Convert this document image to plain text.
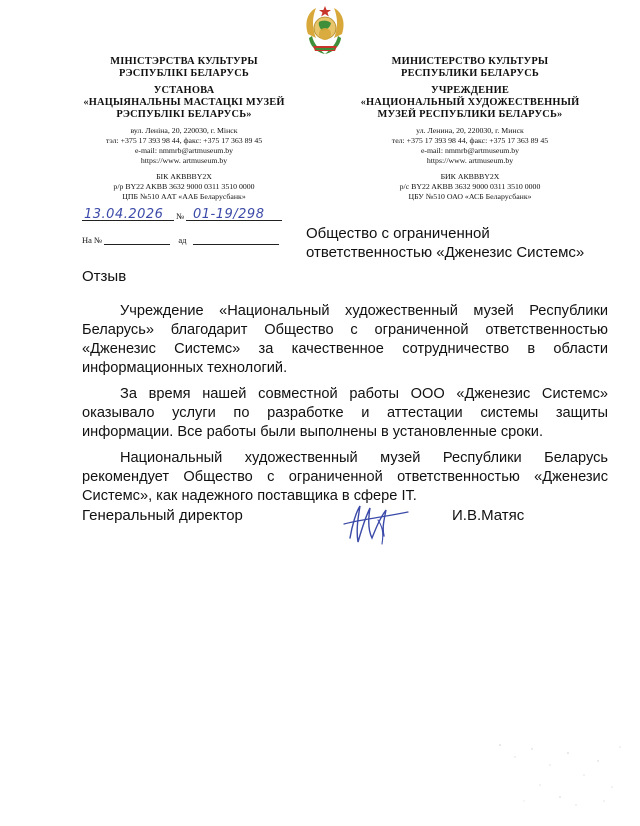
МІНІСТЭРСТВА КУЛЬТУРЫ
РЭСПУБЛІКІ БЕЛАРУСЬ
УСТАНОВА
«НАЦЫЯНАЛЬНЫ МАСТАЦКІ МУЗЕЙ
РЭСПУБЛІКІ БЕЛАРУСЬ»
вул. Леніна, 20, 220030, г. Мінск
тэл: +375 17 393 98 44, факс: +375 17 363 89 45
e-mail: nmmrb@artmuseum.by
https://www. artmuseum.by
БІК АКВВВY2X
р/р BY22 AKBB 3632 9000 0311 3510 0000
ЦПБ №510 ААТ «ААБ Беларусбанк»
МИНИСТЕРСТВО КУЛЬТУРЫ
РЕСПУБЛИКИ БЕЛАРУСЬ
УЧРЕЖДЕНИЕ
«НАЦИОНАЛЬНЫЙ ХУДОЖЕСТВЕННЫЙ
МУЗЕЙ РЕСПУБЛИКИ БЕЛАРУСЬ»
ул. Ленина, 20, 220030, г. Минск
тел: +375 17 393 98 44, факс: +375 17 363 89 45
e-mail: nmmrb@artmuseum.by
https://www. artmuseum.by
БИК АКВВВY2X
р/с BY22 AKBB 3632 9000 0311 3510 0000
ЦБУ №510 ОАО «АСБ Беларусбанк»
№
13.04.2026 01-19/298
На №	ад	Общество с ограниченной
ответственностью «Дженезис Системс»
Отзыв

Учреждение «Национальный художественный музей Республики Беларусь» благодарит Общество с ограниченной ответственностью «Дженезис Системс» за качественное сотрудничество в области информационных технологий.

За время нашей совместной работы ООО «Дженезис Системс» оказывало услуги по разработке и аттестации системы защиты информации. Все работы были выполнены в установленные сроки.

Национальный художественный музей Республики Беларусь рекомендует Общество с ограниченной ответственностью «Дженезис Системс», как надежного поставщика в сфере IT.

Генеральный директор	И.В.Матяс
